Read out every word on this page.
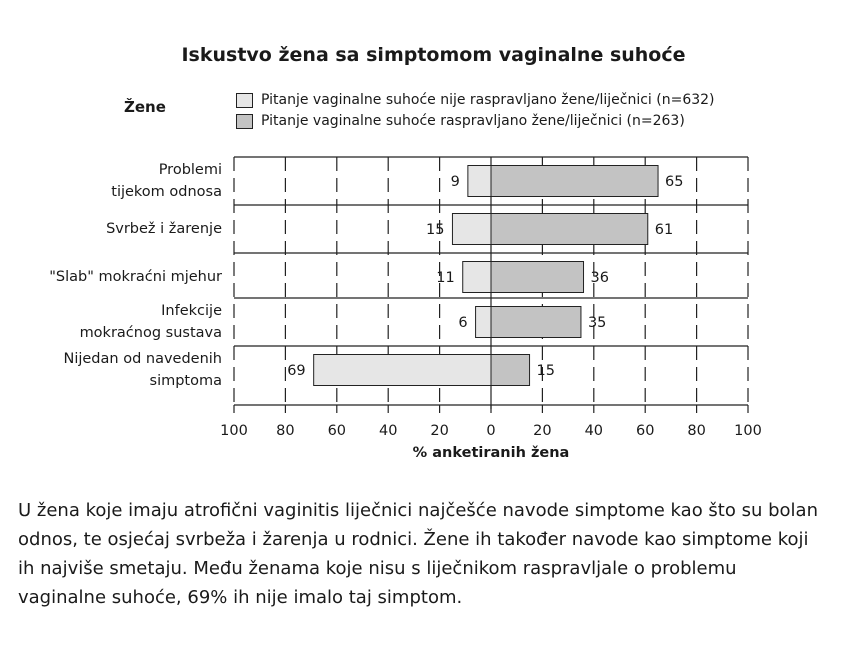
Iskustvo žena sa simptomom vaginalne suhoće
Žene	Pitanje vaginalne suhoće nije raspravljano žene/liječnici (n=632)
Pitanje vaginalne suhoće raspravljano žene/liječnici (n=263)
Problemi
tijekom odnosa
Svrbež i žarenje
"Slab" mokraćni mjehur
Infekcije
mokraćnog sustava
Nijedan od navedenih
simptoma
100 80 60 40 20	0	20 40 60 80 100
9	65
15	61
11	36
6	35
69	15
% anketiranih žena
U žena koje imaju atrofični vaginitis liječnici najčešće navode simptome kao što su bolan odnos, te osjećaj svrbeža i žarenja u rodnici. Žene ih također navode kao simptome koji ih najviše smetaju. Među ženama koje nisu s liječnikom raspravljale o problemu vaginalne suhoće, 69% ih nije imalo taj simptom.
